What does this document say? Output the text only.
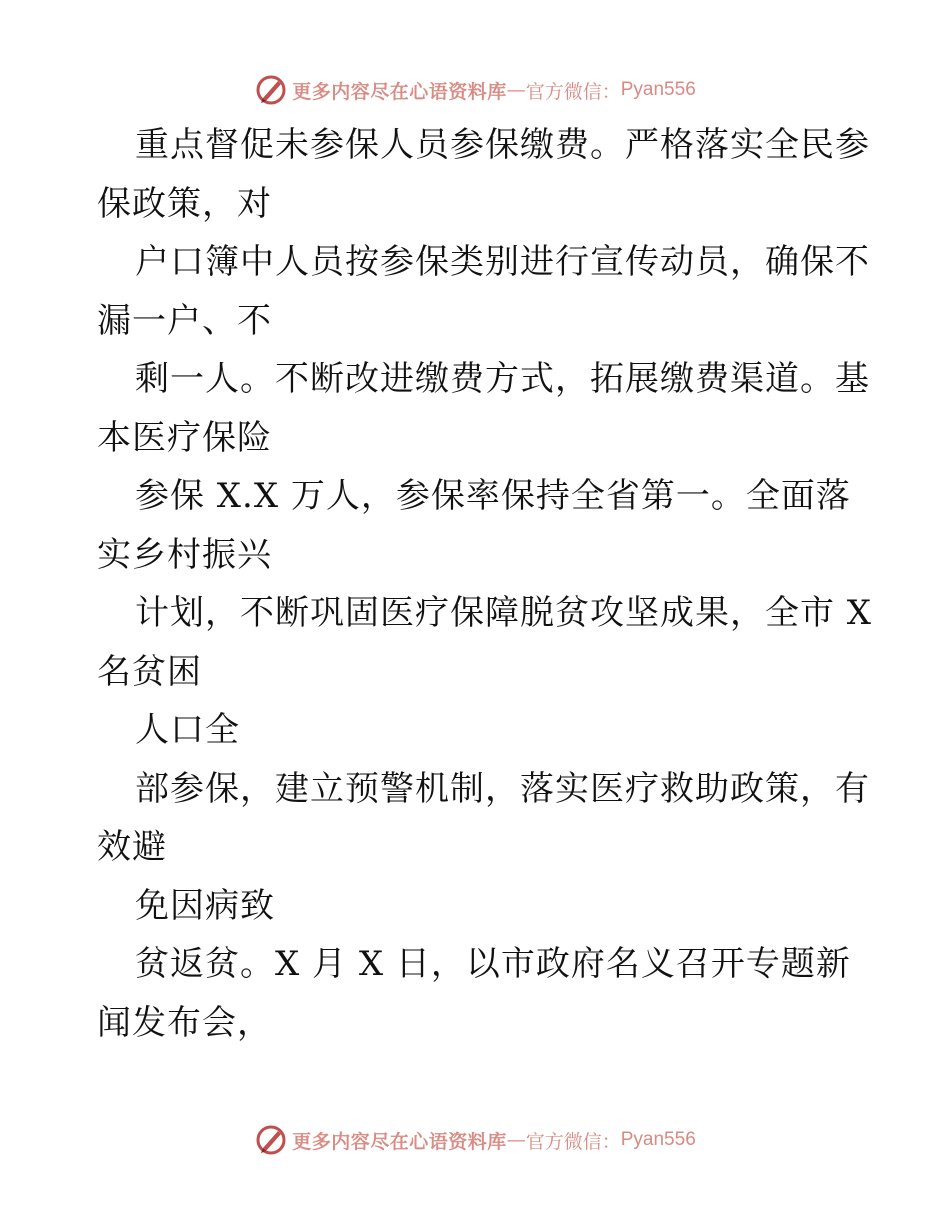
更多内容尽在心语资料库 — 官方微信： Pyan556
重点督促未参保人员参保缴费。严格落实全民参
保政策，对
户口簿中人员按参保类别进行宣传动员，确保不
漏一户、不
剩一人。不断改进缴费方式，拓展缴费渠道。基
本医疗保险
参保 X.X 万人，参保率保持全省第一。全面落
实乡村振兴
计划，不断巩固医疗保障脱贫攻坚成果，全市 X
名贫困
人口全
部参保，建立预警机制，落实医疗救助政策，有
效避
免因病致
贫返贫。X 月 X 日，以市政府名义召开专题新
闻发布会，
更多内容尽在心语资料库 — 官方微信： Pyan556
